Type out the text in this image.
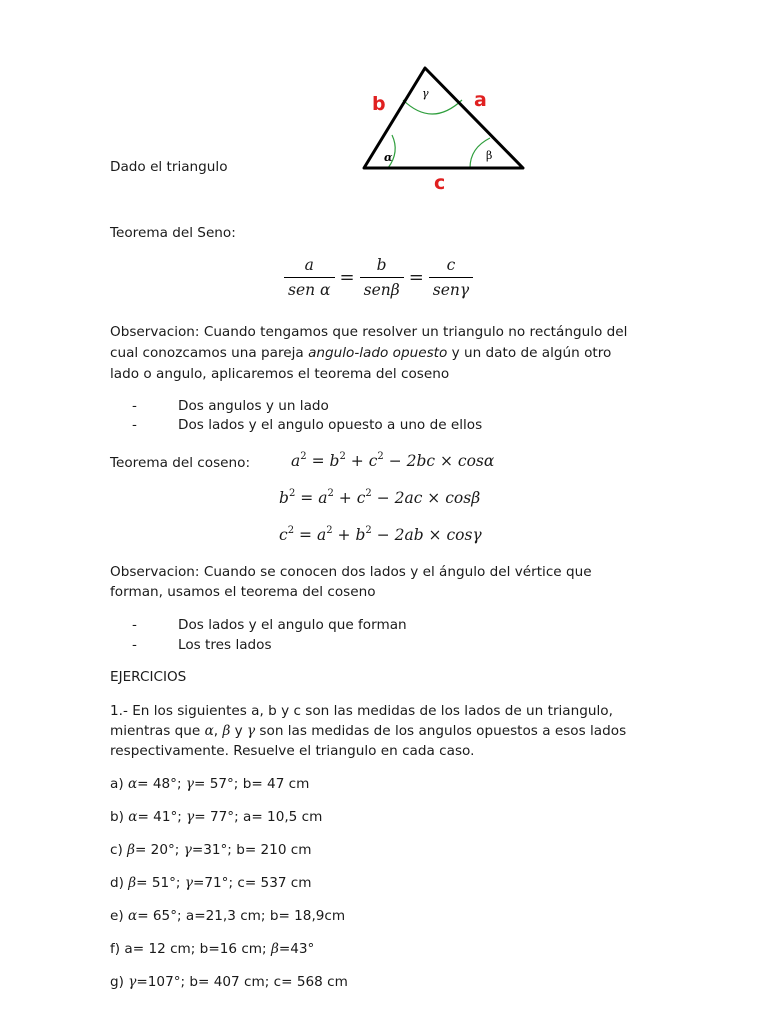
b	a
c
γ
α	β
Dado el triangulo
Teorema del Seno:
$\frac{a}{\text{sen α}} = \frac{b}{\text{senβ}} = \frac{c}{\text{senγ}}$
Observacion: Cuando tengamos que resolver un triangulo no rectángulo del
cual conozcamos una pareja angulo-lado opuesto y un dato de algún otro
lado o angulo, aplicaremos el teorema del coseno
-	Dos angulos y un lado
-	Dos lados y el angulo opuesto a uno de ellos
Teorema del coseno:	$a^2 = b^2 + c^2 - 2bc \times \cos\alpha$
$b^2 = a^2 + c^2 - 2ac \times \cos\beta$
$c^2 = a^2 + b^2 - 2ab \times \cos\gamma$
Observacion: Cuando se conocen dos lados y el ángulo del vértice que
forman, usamos el teorema del coseno
-	Dos lados y el angulo que forman
-	Los tres lados
EJERCICIOS
1.- En los siguientes a, b y c son las medidas de los lados de un triangulo,
mientras que α, β y γ son las medidas de los angulos opuestos a esos lados
respectivamente. Resuelve el triangulo en cada caso.
a) α= 48°; γ= 57°; b= 47 cm
b) α= 41°; γ= 77°; a= 10,5 cm
c) β= 20°; γ=31°; b= 210 cm
d) β= 51°; γ=71°; c= 537 cm
e) α= 65°; a=21,3 cm; b= 18,9cm
f) a= 12 cm; b=16 cm; β=43°
g) γ=107°; b= 407 cm; c= 568 cm
